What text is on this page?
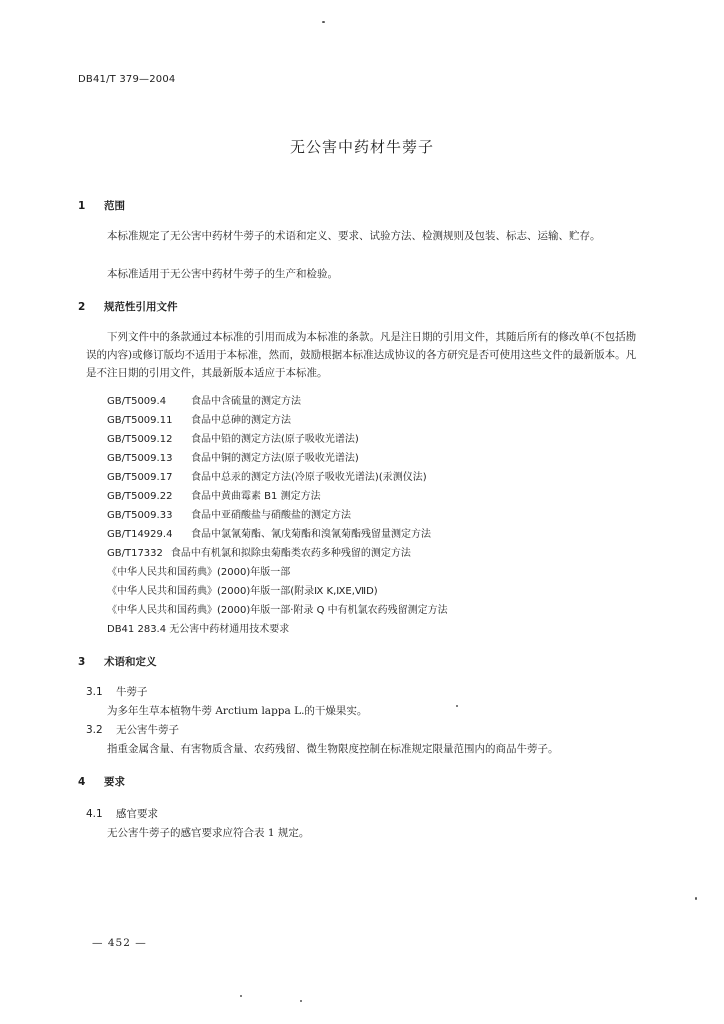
DB41/T 379—2004
无公害中药材牛蒡子
1 范围
本标准规定了无公害中药材牛蒡子的术语和定义、要求、试验方法、检测规则及包装、标志、运输、贮存。
本标准适用于无公害中药材牛蒡子的生产和检验。
2 规范性引用文件
下列文件中的条款通过本标准的引用而成为本标准的条款。凡是注日期的引用文件，其随后所有的修改单(不包括勘误的内容)或修订版均不适用于本标准，然而，鼓励根据本标准达成协议的各方研究是否可使用这些文件的最新版本。凡是不注日期的引用文件，其最新版本适应于本标准。
GB/T5009.4 食品中含硫量的测定方法
GB/T5009.11 食品中总砷的测定方法
GB/T5009.12 食品中铅的测定方法(原子吸收光谱法)
GB/T5009.13 食品中铜的测定方法(原子吸收光谱法)
GB/T5009.17 食品中总汞的测定方法(冷原子吸收光谱法)(汞测仪法)
GB/T5009.22 食品中黄曲霉素 B1 测定方法
GB/T5009.33 食品中亚硝酸盐与硝酸盐的测定方法
GB/T14929.4 食品中氯氰菊酯、氰戊菊酯和溴氰菊酯残留量测定方法
GB/T17332 食品中有机氯和拟除虫菊酯类农药多种残留的测定方法
《中华人民共和国药典》(2000)年版一部
《中华人民共和国药典》(2000)年版一部(附录Ⅸ K,ⅨE,ⅦD)
《中华人民共和国药典》(2000)年版一部·附录 Q 中有机氯农药残留测定方法
DB41 283.4 无公害中药材通用技术要求
3 术语和定义
3.1 牛蒡子
为多年生草本植物牛蒡 Arctium lappa L.的干燥果实。
3.2 无公害牛蒡子
指重金属含量、有害物质含量、农药残留、微生物限度控制在标准规定限量范围内的商品牛蒡子。
4 要求
4.1 感官要求
无公害牛蒡子的感官要求应符合表 1 规定。
— 452 —
